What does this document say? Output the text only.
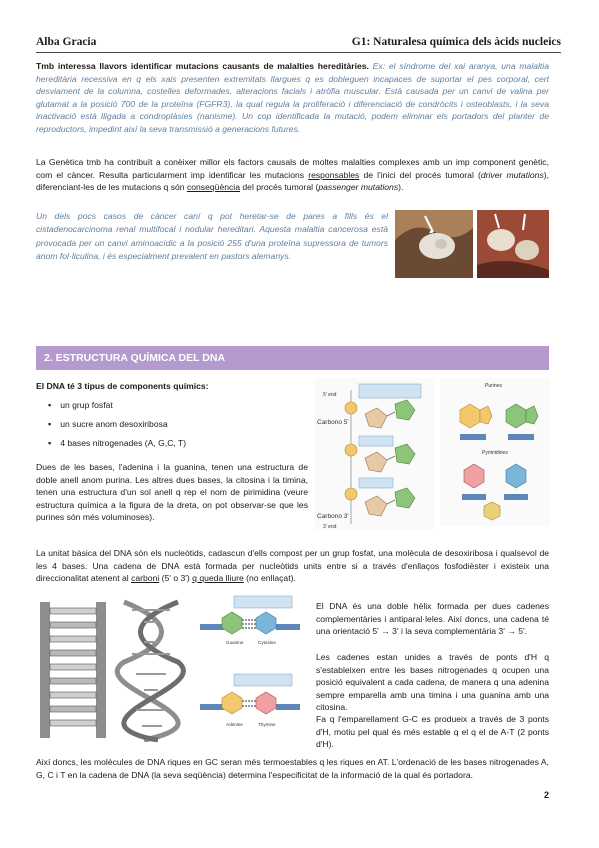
Alba Gracia	G1: Naturalesa química dels àcids nucleics
Tmb interessa llavors identificar mutacions causants de malalties hereditàries. Ex: el síndrome del xai aranya, una malaltia hereditària recessiva en q els xais presenten extremitats llargues q es dobleguen incapaces de suportar el pes corporal, cert desviament de la columna, costelles deformades, alteracions facials i atròfia muscular. Està causada per un canvi de valina per glutamat a la posició 700 de la proteïna (FGFR3), la qual regula la proliferació i diferenciació de condròcits i osteoblasts, i la seva inactivació està lligada a condroplàsies (nanisme). Un cop identificada la mutació, podem eliminar els portadors del planter de reproductors, impedint així la seva transmissió a generacions futures.
La Genètica tmb ha contribuït a conèixer millor els factors causals de moltes malalties complexes amb un imp component genètic, com el càncer. Resulta particularment imp identificar les mutacions responsables de l'inici del procés tumoral (driver mutations), diferenciant-les de les mutacions q són conseqüència del procés tumoral (passenger mutations).
Un dels pocs casos de càncer caní q pot heretar-se de pares a fills és el cistadenocarcinoma renal multifocal i nodular hereditari. Aquesta malaltia cancerosa està provocada per un canvi aminoacídic a la posició 255 d'una proteïna supressora de tumors anom fol·liculina, i és especialment prevalent en pastors alemanys.
2. ESTRUCTURA QUÍMICA DEL DNA
El DNA té 3 tipus de components químics:
▪ un grup fosfat
▪ un sucre anom desoxiribosa
▪ 4 bases nitrogenades (A, G,C, T)
Dues de les bases, l'adenina i la guanina, tenen una estructura de doble anell anom purina. Les altres dues bases, la citosina i la timina, tenen una estructura d'un sol anell q rep el nom de pirimidina (veure estructura química a la figura de la dreta, on pot observar-se que les purines són més voluminoses).
5' end
Carbono 5'
Carbono 3'
3' end
Purines
Pyrimidines
La unitat bàsica del DNA són els nucleòtids, cadascun d'ells compost per un grup fosfat, una molècula de desoxiribosa i qualsevol de les 4 bases. Una cadena de DNA està formada per nucleòtids units entre si a través d'enllaços fosfodièster i existeix una direccionalitat atenent al carboni (5' o 3') q queda lliure (no enllaçat).
Guanine	Cytosine
Adenine	Thymine
El DNA és una doble hèlix formada per dues cadenes complementàries i antiparal·leles. Així doncs, una cadena té una orientació 5' → 3' i la seva complementària 3' → 5'.
Les cadenes estan unides a través de ponts d'H q s'estableixen entre les bases nitrogenades q ocupen una posició equivalent a cada cadena, de manera q una adenina sempre emparella amb una timina i una guanina amb una citosina.
Fa q l'emparellament G-C es produeix a través de 3 ponts d'H, motiu pel qual és més estable q el q el de A-T (2 ponts d'H).
Així doncs, les molècules de DNA riques en GC seran més termoestables q les riques en AT. L'ordenació de les bases nitrogenades A, G, C i T en la cadena de DNA (la seva seqüència) determina l'especificitat de la informació de la qual és portadora.
2
